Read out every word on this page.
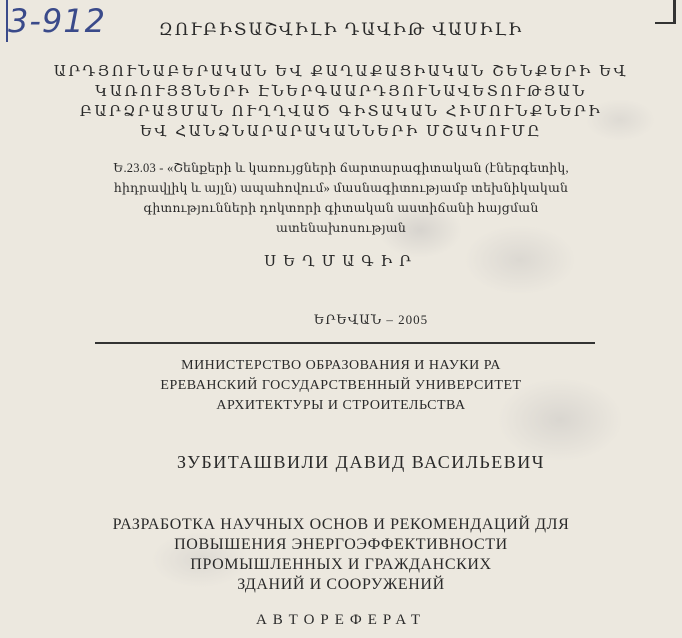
3-912	ԶՈՒԲԻՏԱՇՎԻԼԻ ԴԱՎԻԹ ՎԱՍԻԼԻ
ԱՐԴՅՈՒՆԱԲԵՐԱԿԱՆ ԵՎ ՔԱՂԱՔԱՑԻԱԿԱՆ ՇԵՆՔԵՐԻ ԵՎ
ԿԱՌՈՒՅՑՆԵՐԻ ԷՆԵՐԳԱԱՐԴՅՈՒՆԱՎԵՏՈՒԹՅԱՆ
ԲԱՐՁՐԱՑՄԱՆ ՈՒՂՂՎԱԾ ԳԻՏԱԿԱՆ ՀԻՄՈՒՆՔՆԵՐԻ
ԵՎ ՀԱՆՁՆԱՐԱՐԱԿԱՆՆԵՐԻ ՄՇԱԿՈՒՄԸ
Ե.23.03 - «Շենքերի և կառույցների ճարտարագիտական (էներգետիկ,
հիդրավլիկ և այլն) ապահովում» մասնագիտությամբ տեխնիկական
գիտությունների դոկտորի գիտական աստիճանի հայցման
ատենախոսության
ՍԵՂՄԱԳԻՐ
ԵՐԵՎԱՆ – 2005
МИНИСТЕРСТВО ОБРАЗОВАНИЯ И НАУКИ РА
ЕРЕВАНСКИЙ ГОСУДАРСТВЕННЫЙ УНИВЕРСИТЕТ
АРХИТЕКТУРЫ И СТРОИТЕЛЬСТВА
ЗУБИТАШВИЛИ ДАВИД ВАСИЛЬЕВИЧ
РАЗРАБОТКА НАУЧНЫХ ОСНОВ И РЕКОМЕНДАЦИЙ ДЛЯ
ПОВЫШЕНИЯ ЭНЕРГОЭФФЕКТИВНОСТИ
ПРОМЫШЛЕННЫХ И ГРАЖДАНСКИХ
ЗДАНИЙ И СООРУЖЕНИЙ
АВТОРЕФЕРАТ
